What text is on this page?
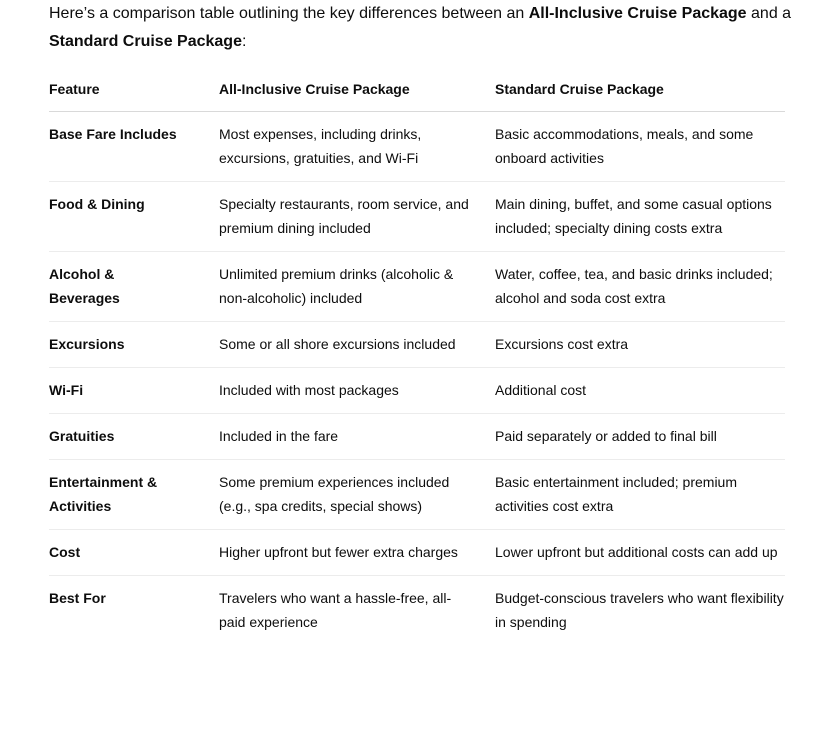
Here’s a comparison table outlining the key differences between an All-Inclusive Cruise Package and a Standard Cruise Package:

Feature	All-Inclusive Cruise Package	Standard Cruise Package
Base Fare Includes	Most expenses, including drinks, excursions, gratuities, and Wi-Fi	Basic accommodations, meals, and some onboard activities
Food & Dining	Specialty restaurants, room service, and premium dining included	Main dining, buffet, and some casual options included; specialty dining costs extra
Alcohol & Beverages	Unlimited premium drinks (alcoholic & non-alcoholic) included	Water, coffee, tea, and basic drinks included; alcohol and soda cost extra
Excursions	Some or all shore excursions included	Excursions cost extra
Wi-Fi	Included with most packages	Additional cost
Gratuities	Included in the fare	Paid separately or added to final bill
Entertainment & Activities	Some premium experiences included (e.g., spa credits, special shows)	Basic entertainment included; premium activities cost extra
Cost	Higher upfront but fewer extra charges	Lower upfront but additional costs can add up
Best For	Travelers who want a hassle-free, all-paid experience	Budget-conscious travelers who want flexibility in spending
